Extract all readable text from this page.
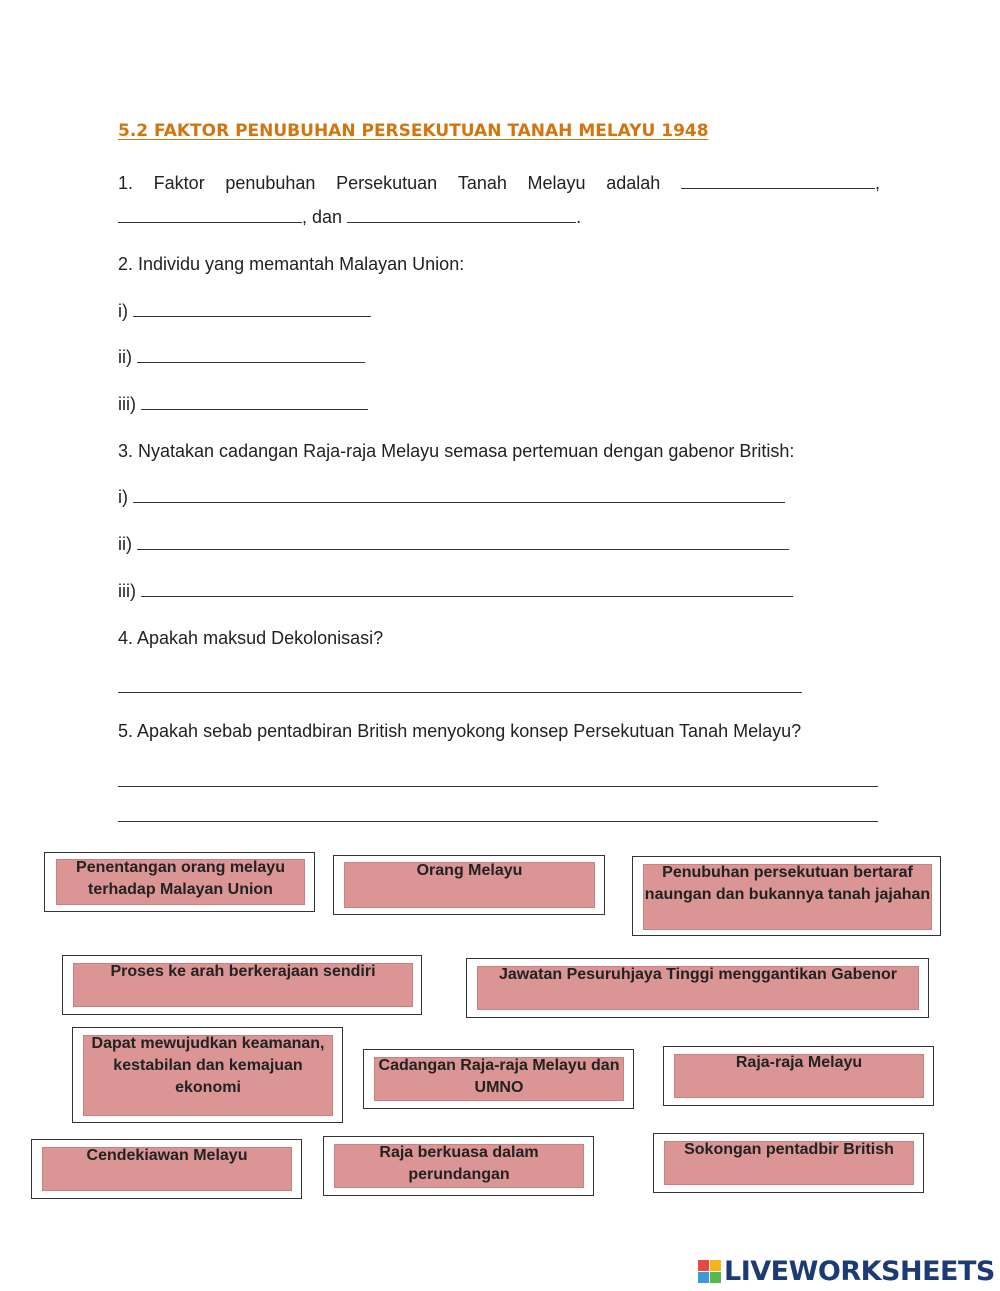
5.2 FAKTOR PENUBUHAN PERSEKUTUAN TANAH MELAYU 1948
1. Faktor penubuhan Persekutuan Tanah Melayu adalah	,
, dan	.
2. Individu yang memantah Malayan Union:
i)
ii)
iii)
3. Nyatakan cadangan Raja-raja Melayu semasa pertemuan dengan gabenor British:
i)
ii)
iii)
4. Apakah maksud Dekolonisasi?
5. Apakah sebab pentadbiran British menyokong konsep Persekutuan Tanah Melayu?
Penentangan orang melayu terhadap Malayan Union
Orang Melayu	Penubuhan persekutuan bertaraf naungan dan bukannya tanah jajahan
Proses ke arah berkerajaan sendiri	Jawatan Pesuruhjaya Tinggi menggantikan Gabenor
Dapat mewujudkan keamanan, kestabilan dan kemajuan ekonomi
Cadangan Raja-raja Melayu dan UMNO
Raja-raja Melayu
Cendekiawan Melayu	Raja berkuasa dalam perundangan
Sokongan pentadbir British
LIVEWORKSHEETS
